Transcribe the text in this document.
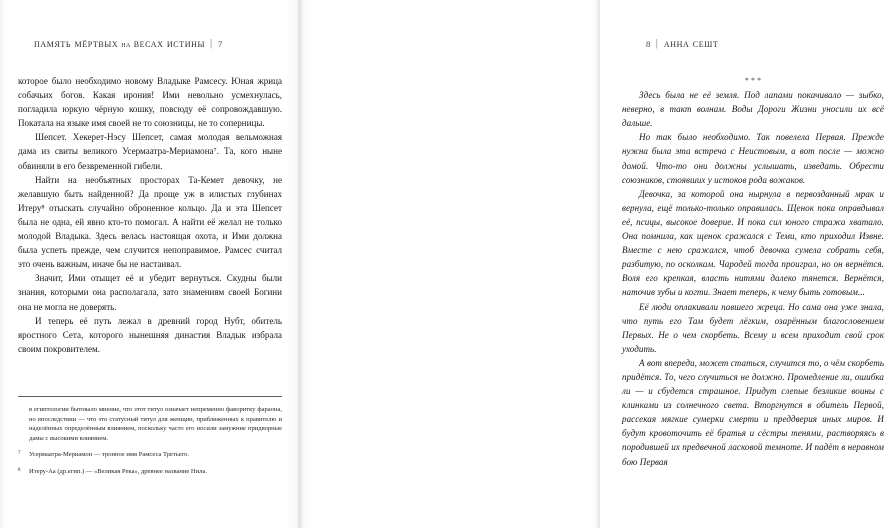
память мёртвых на весах истины | 7

которое было необходимо новому Владыке Рамсесу. Юная жрица собачьих богов. Какая ирония! Ими невольно усмехнулась, погладила юркую чёрную кошку, повсюду её сопровождавшую. Покатала на языке имя своей не то союзницы, не то соперницы.

Шепсет. Хекерет-Нэсу Шепсет, самая молодая вельможная дама из свиты великого Усермаатра-Мериамона⁷. Та, кого ныне обвиняли в его безвременной гибели.

Найти на необъятных просторах Та-Кемет девочку, не желавшую быть найденной? Да проще уж в илистых глубинах Итеру⁸ отыскать случайно оброненное кольцо. Да и эта Шепсет была не одна, ей явно кто-то помогал. А найти её желал не только молодой Владыка. Здесь велась настоящая охота, и Ими должна была успеть прежде, чем случится непоправимое. Рамсес считал это очень важным, иначе бы не настаивал.

Значит, Ими отыщет её и убедит вернуться. Скудны были знания, которыми она располагала, зато знамениям своей Богини она не могла не доверять.

И теперь её путь лежал в древний город Нубт, обитель яростного Сета, которого нынешняя династия Владык избрала своим покровителем.

в египтологии бытовало мнение, что этот титул означает непременно фаворитку фараона, но впоследствии — что это статусный титул для женщин, приближенных к правителю и наделённых определённым влиянием, поскольку часто его носили замужние придворные дамы с высокими влиянием.
7 Усермаатра-Мериамон — тронное имя Рамсеса Третьего.
8 Итеру-Аа (др.егип.) — «Великая Река», древнее название Нила.
8 | анна сешт

* * *

Здесь была не её земля. Под лапами покачивало — зыбко, неверно, в такт волнам. Воды Дороги Жизни уносили их всё дальше.

Но так было необходимо. Так повелела Первая. Прежде нужна была эта встреча с Неистовым, а вот после — можно домой. Что-то они должны услышать, изведать. Обрести союзников, стоявших у истоков рода вожаков.

Девочка, за которой она нырнула в первозданный мрак и вернула, ещё только-только оправилась. Щенок пока оправдывал её, псицы, высокое доверие. И пока сил юного стража хватало. Она помнила, как щенок сражался с Теми, кто приходил Извне. Вместе с нею сражался, чтоб девочка сумела собрать себя, разбитую, по осколкам. Чародей тогда проиграл, но он вернётся. Воля его крепкая, власть нитями далеко тянется. Вернётся, наточив зубы и когти. Знает теперь, к чему быть готовым...

Её люди оплакивали павшего жреца. Но сама она уже знала, что путь его Там будет лёгким, озарённым благословением Первых. Не о чем скорбеть. Всему и всем приходит свой срок уходить.

А вот впереди, может статься, случится то, о чём скорбеть придётся. То, чего случиться не должно. Промедление ли, ошибка ли — и сбудется страшное. Придут слепые безликие воины с клинками из солнечного света. Вторгнутся в обитель Первой, рассекая мягкие сумерки смерти и преддверия иных миров. И будут кровоточить её братья и сёстры тенями, растворяясь в породившей их предвечной ласковой темноте. И падёт в неравном бою Первая
